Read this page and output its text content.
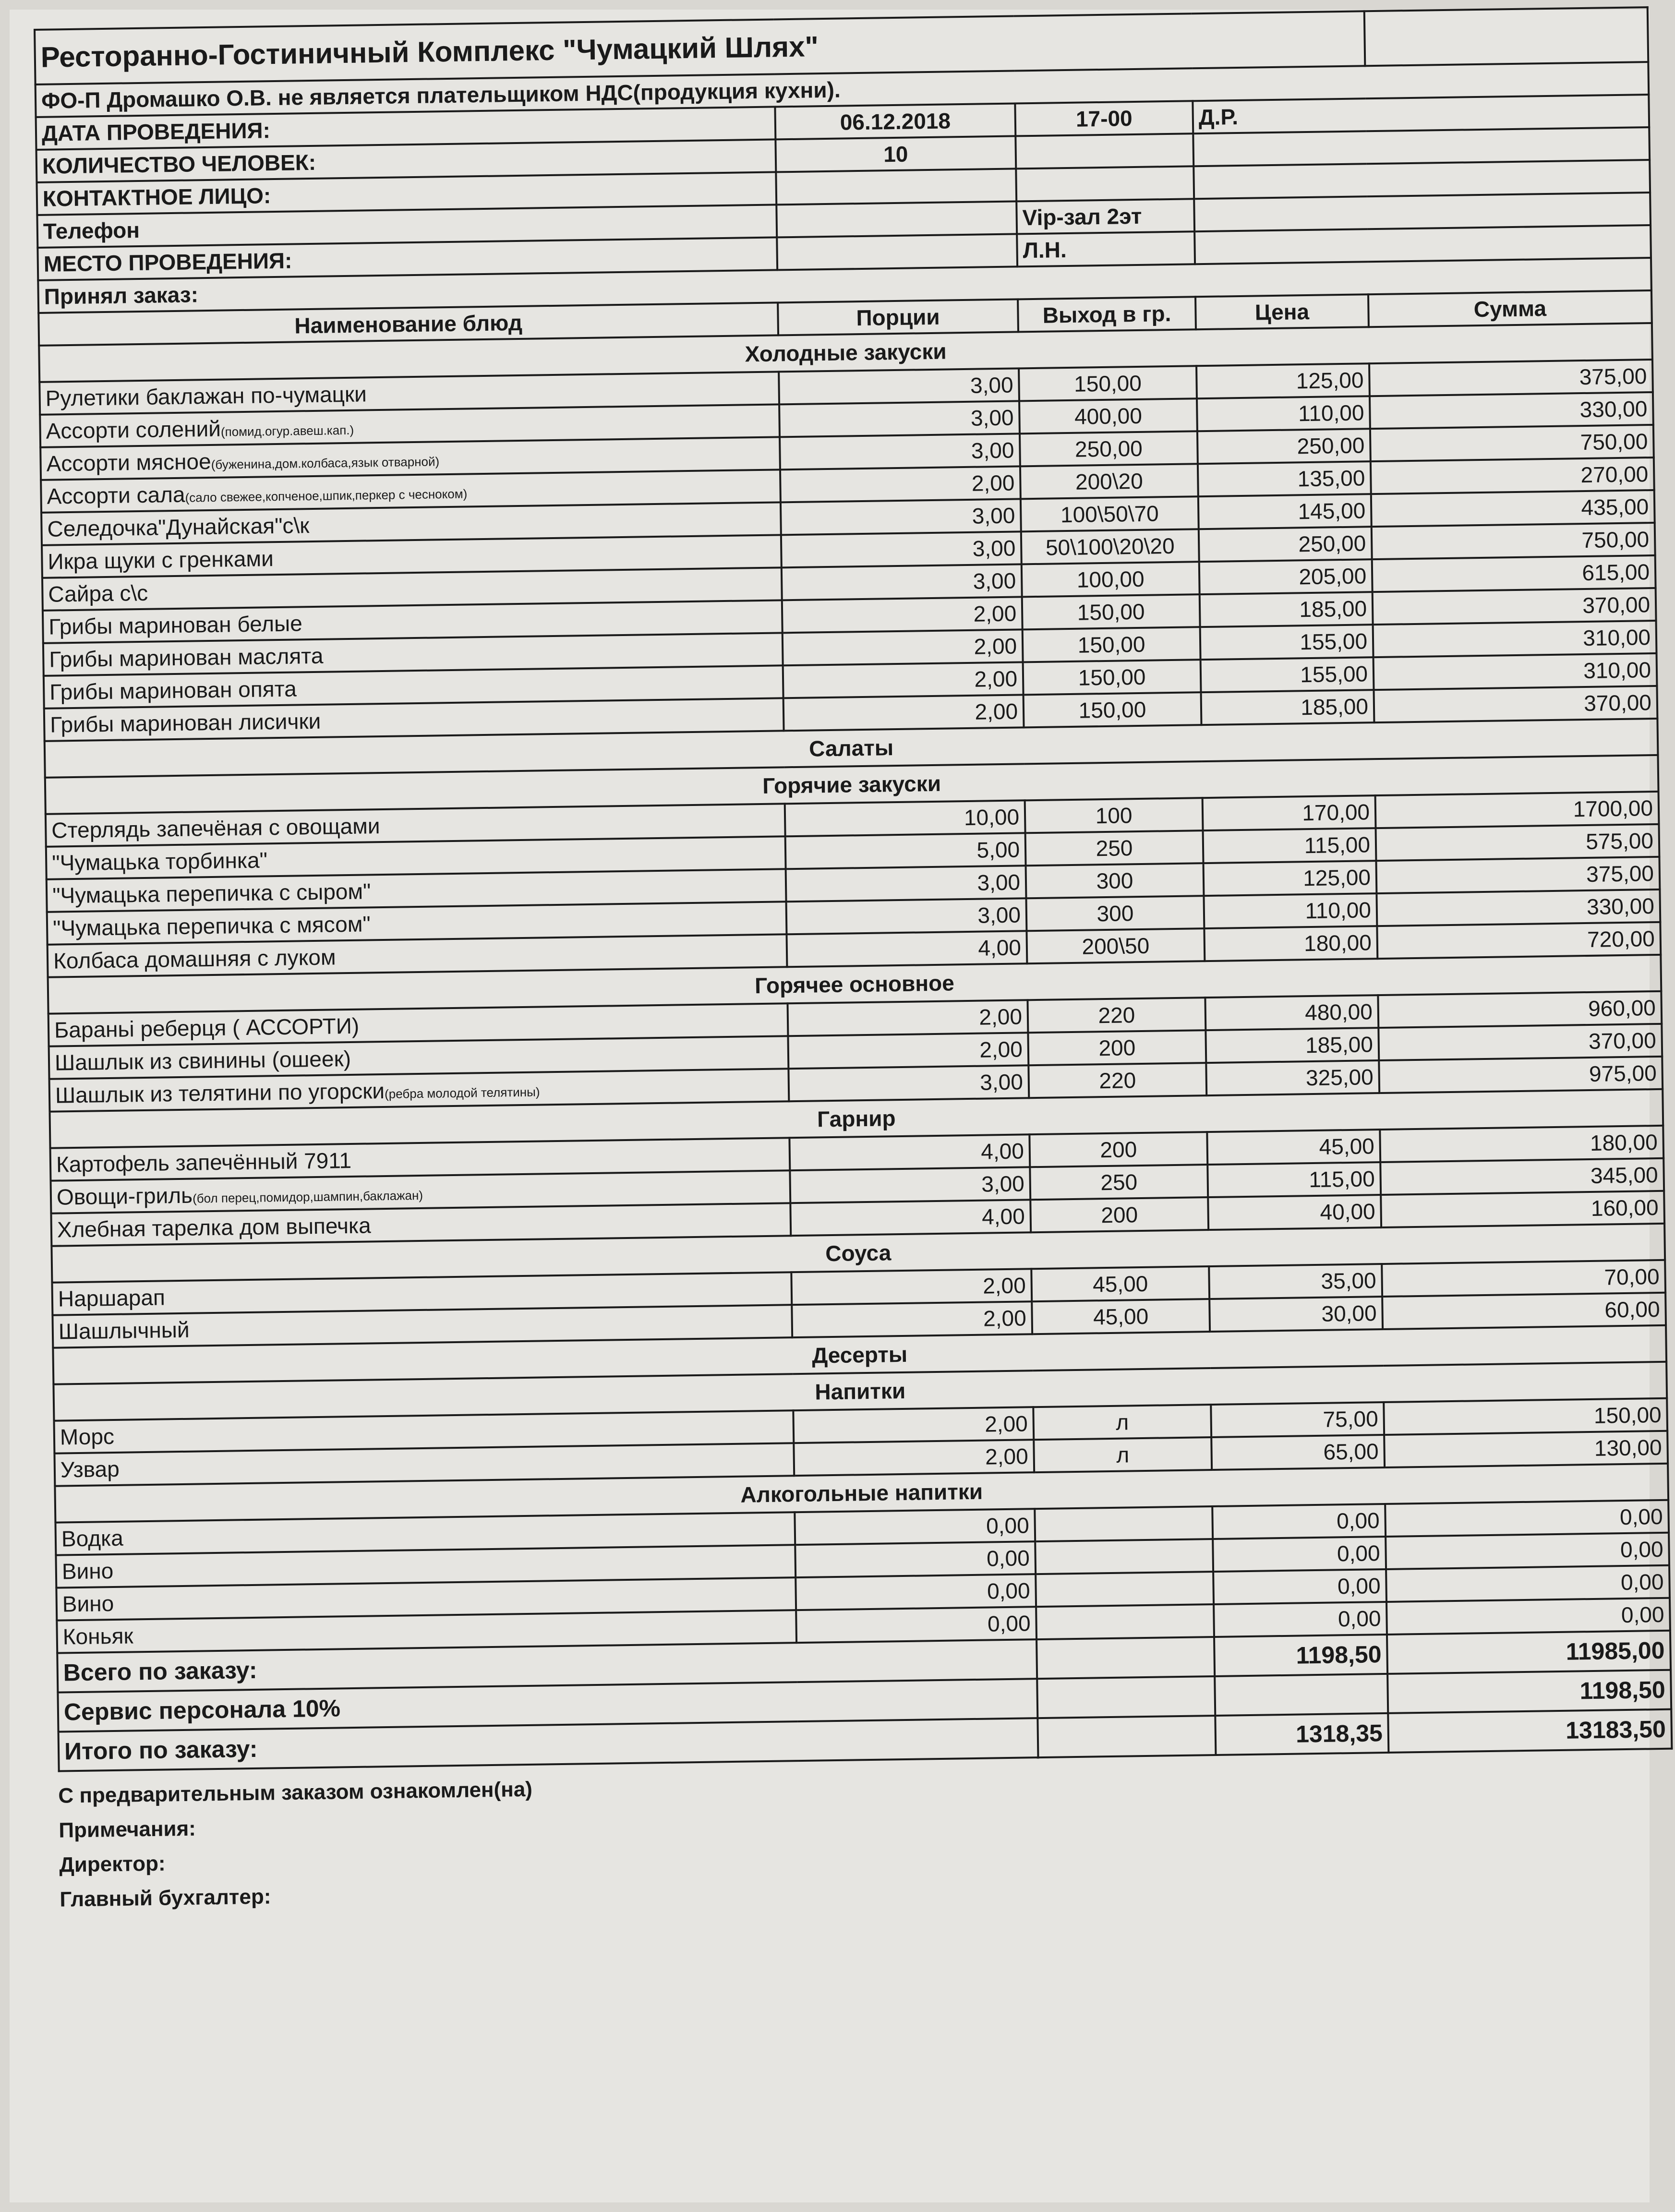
Ресторанно-Гостиничный Комплекс "Чумацкий Шлях"				
ФО-П Дромашко О.В. не является плательщиком НДС(продукция кухни).				
ДАТА ПРОВЕДЕНИЯ:	06.12.2018	17-00	Д.Р.	
КОЛИЧЕСТВО ЧЕЛОВЕК:	10			
КОНТАКТНОЕ ЛИЦО:				
Телефон		Vip-зал 2эт		
МЕСТО ПРОВЕДЕНИЯ:		Л.Н.		
Принял заказ:				
Наименование блюд	Порции	Выход в гр.	Цена	Сумма
Холодные закуски				
Рулетики баклажан по-чумацки	3,00	150,00	125,00	375,00
Ассорти солений(помид.огур.авеш.кап.)	3,00	400,00	110,00	330,00
Ассорти мясное(буженина,дом.колбаса,язык отварной)	3,00	250,00	250,00	750,00
Ассорти сала(сало свежее,копченое,шпик,перкер с чесноком)	2,00	200\20	135,00	270,00
Селедочка"Дунайская"с\к	3,00	100\50\70	145,00	435,00
Икра щуки с гренками	3,00	50\100\20\20	250,00	750,00
Сайра с\с	3,00	100,00	205,00	615,00
Грибы маринован белые	2,00	150,00	185,00	370,00
Грибы маринован маслята	2,00	150,00	155,00	310,00
Грибы маринован опята	2,00	150,00	155,00	310,00
Грибы маринован лисички	2,00	150,00	185,00	370,00
Салаты				
Горячие закуски				
Стерлядь запечёная с овощами	10,00	100	170,00	1700,00
"Чумацька торбинка"	5,00	250	115,00	575,00
"Чумацька перепичка с сыром"	3,00	300	125,00	375,00
"Чумацька перепичка с мясом"	3,00	300	110,00	330,00
Колбаса домашняя с луком	4,00	200\50	180,00	720,00
Горячее основное				
Бараньі реберця ( АССОРТИ)	2,00	220	480,00	960,00
Шашлык из свинины (ошеек)	2,00	200	185,00	370,00
Шашлык из телятини по угорски(ребра молодой телятины)	3,00	220	325,00	975,00
Гарнир				
Картофель запечённый 7911	4,00	200	45,00	180,00
Овощи-гриль(бол перец,помидор,шампин,баклажан)	3,00	250	115,00	345,00
Хлебная тарелка дом выпечка	4,00	200	40,00	160,00
Соуса				
Наршарап	2,00	45,00	35,00	70,00
Шашлычный	2,00	45,00	30,00	60,00
Десерты				
Напитки				
Морс	2,00	л	75,00	150,00
Узвар	2,00	л	65,00	130,00
Алкогольные напитки				
Водка	0,00		0,00	0,00
Вино	0,00		0,00	0,00
Вино	0,00		0,00	0,00
Коньяк	0,00		0,00	0,00
Всего по заказу:			1198,50	11985,00
Сервис персонала 10%				1198,50
Итого по заказу:			1318,35	13183,50
С предварительным заказом ознакомлен(на)
Примечания:
Директор:
Главный бухгалтер:
